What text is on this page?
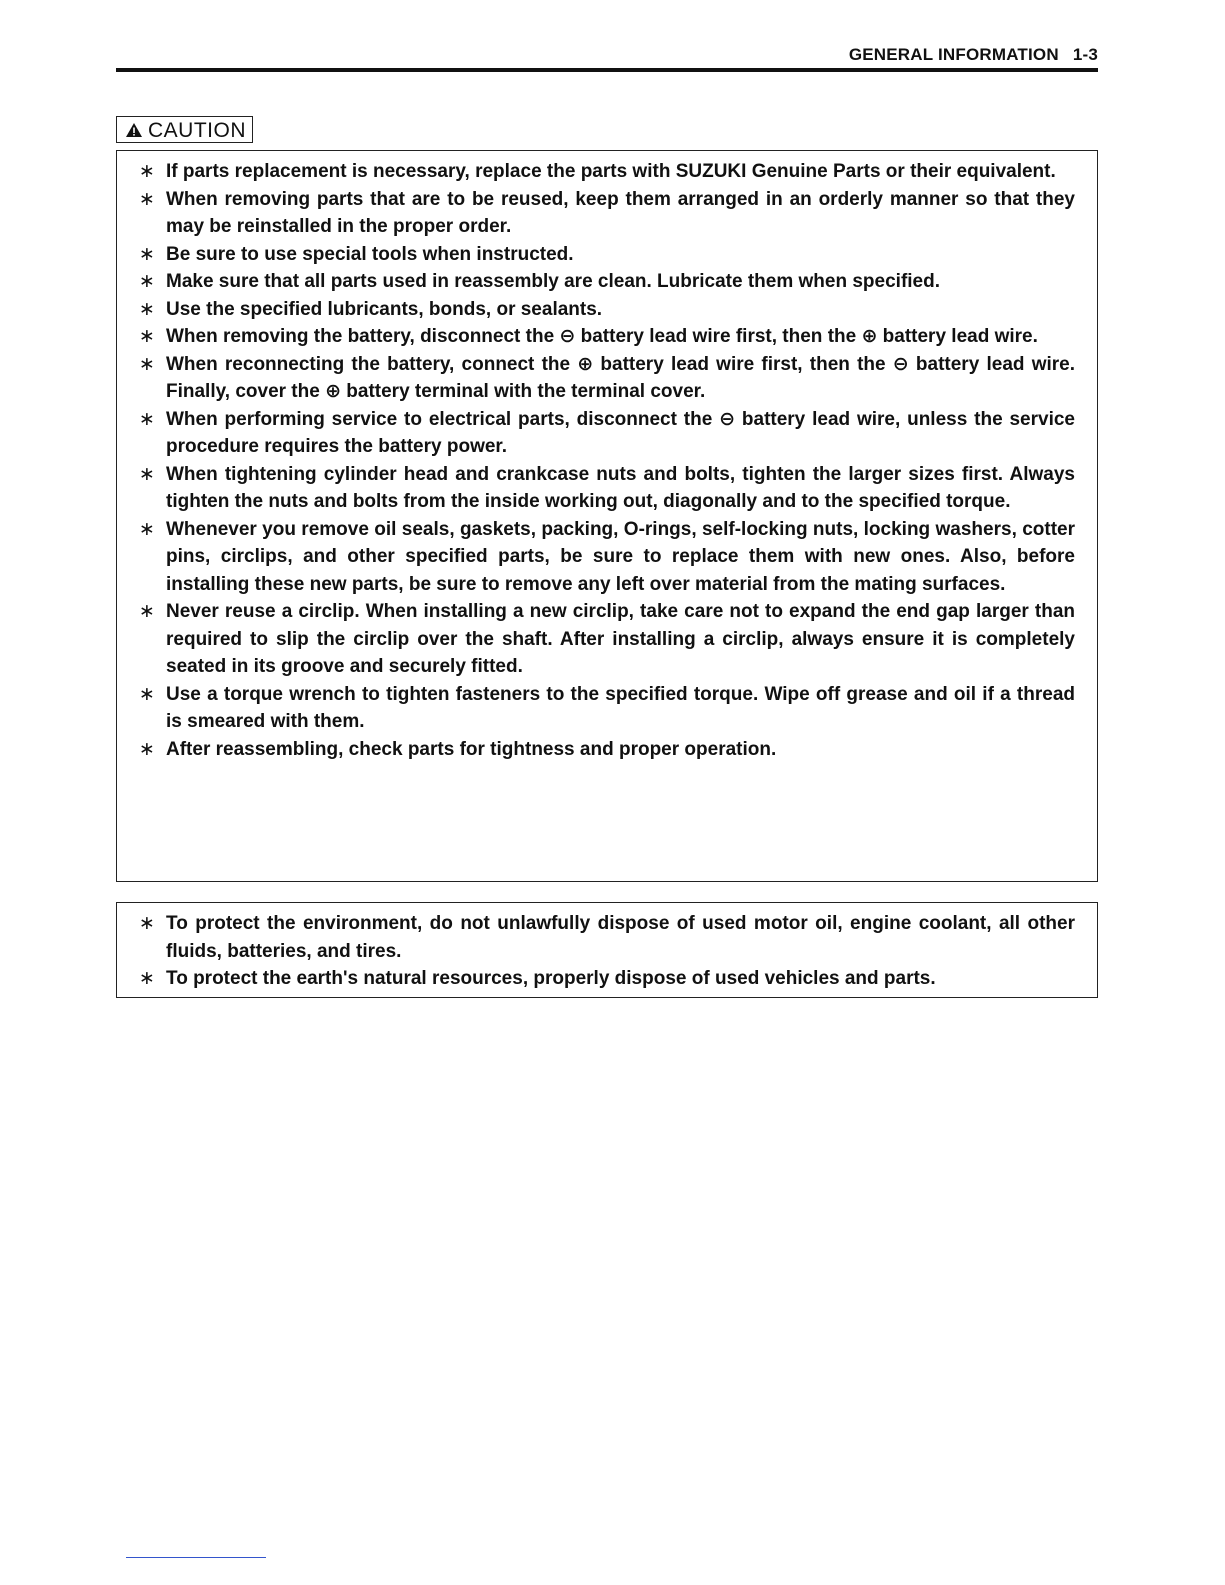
GENERAL INFORMATION 1-3
CAUTION
∗ If parts replacement is necessary, replace the parts with SUZUKI Genuine Parts or their equivalent.
∗ When removing parts that are to be reused, keep them arranged in an orderly manner so that they may be reinstalled in the proper order.
∗ Be sure to use special tools when instructed.
∗ Make sure that all parts used in reassembly are clean. Lubricate them when specified.
∗ Use the specified lubricants, bonds, or sealants.
∗ When removing the battery, disconnect the ⊖ battery lead wire first, then the ⊕ battery lead wire.
∗ When reconnecting the battery, connect the ⊕ battery lead wire first, then the ⊖ battery lead wire. Finally, cover the ⊕ battery terminal with the terminal cover.
∗ When performing service to electrical parts, disconnect the ⊖ battery lead wire, unless the service procedure requires the battery power.
∗ When tightening cylinder head and crankcase nuts and bolts, tighten the larger sizes first. Always tighten the nuts and bolts from the inside working out, diagonally and to the specified torque.
∗ Whenever you remove oil seals, gaskets, packing, O-rings, self-locking nuts, locking washers, cotter pins, circlips, and other specified parts, be sure to replace them with new ones. Also, before installing these new parts, be sure to remove any left over material from the mating surfaces.
∗ Never reuse a circlip. When installing a new circlip, take care not to expand the end gap larger than required to slip the circlip over the shaft. After installing a circlip, always ensure it is completely seated in its groove and securely fitted.
∗ Use a torque wrench to tighten fasteners to the specified torque. Wipe off grease and oil if a thread is smeared with them.
∗ After reassembling, check parts for tightness and proper operation.
∗ To protect the environment, do not unlawfully dispose of used motor oil, engine coolant, all other fluids, batteries, and tires.
∗ To protect the earth's natural resources, properly dispose of used vehicles and parts.
